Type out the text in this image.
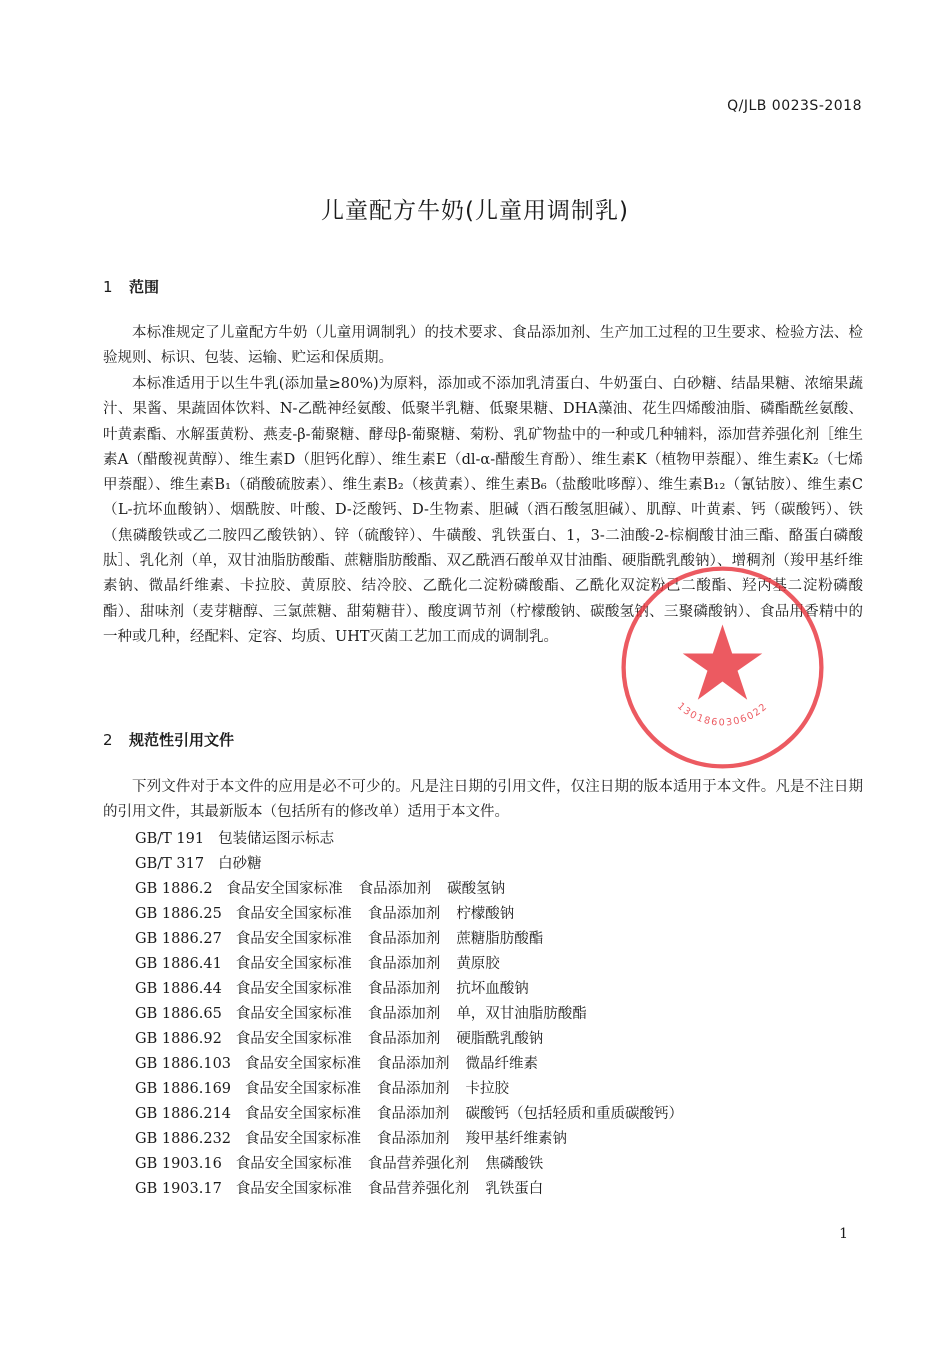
Q/JLB 0023S-2018
儿童配方牛奶(儿童用调制乳)
1 范围

本标准规定了儿童配方牛奶（儿童用调制乳）的技术要求、食品添加剂、生产加工过程的卫生要求、检验方法、检验规则、标识、包装、运输、贮运和保质期。

本标准适用于以生牛乳(添加量≥80%)为原料，添加或不添加乳清蛋白、牛奶蛋白、白砂糖、结晶果糖、浓缩果蔬汁、果酱、果蔬固体饮料、N-乙酰神经氨酸、低聚半乳糖、低聚果糖、DHA藻油、花生四烯酸油脂、磷酯酰丝氨酸、叶黄素酯、水解蛋黄粉、燕麦-β-葡聚糖、酵母β-葡聚糖、菊粉、乳矿物盐中的一种或几种辅料，添加营养强化剂［维生素A（醋酸视黄醇）、维生素D（胆钙化醇）、维生素E（dl-α-醋酸生育酚）、维生素K（植物甲萘醌）、维生素K₂（七烯甲萘醌）、维生素B₁（硝酸硫胺素）、维生素B₂（核黄素）、维生素B₆（盐酸吡哆醇）、维生素B₁₂（氰钴胺）、维生素C（L-抗坏血酸钠）、烟酰胺、叶酸、D-泛酸钙、D-生物素、胆碱（酒石酸氢胆碱）、肌醇、叶黄素、钙（碳酸钙）、铁（焦磷酸铁或乙二胺四乙酸铁钠）、锌（硫酸锌）、牛磺酸、乳铁蛋白、1，3-二油酸-2-棕榈酸甘油三酯、酪蛋白磷酸肽］、乳化剂（单，双甘油脂肪酸酯、蔗糖脂肪酸酯、双乙酰酒石酸单双甘油酯、硬脂酰乳酸钠）、增稠剂（羧甲基纤维素钠、微晶纤维素、卡拉胶、黄原胶、结冷胶、乙酰化二淀粉磷酸酯、乙酰化双淀粉己二酸酯、羟丙基二淀粉磷酸酯）、甜味剂（麦芽糖醇、三氯蔗糖、甜菊糖苷）、酸度调节剂（柠檬酸钠、碳酸氢钠、三聚磷酸钠）、食品用香精中的一种或几种，经配料、定容、均质、UHT灭菌工艺加工而成的调制乳。

2 规范性引用文件

下列文件对于本文件的应用是必不可少的。凡是注日期的引用文件，仅注日期的版本适用于本文件。凡是不注日期的引用文件，其最新版本（包括所有的修改单）适用于本文件。

GB/T 191 包装储运图示标志
GB/T 317 白砂糖
GB 1886.2 食品安全国家标准 食品添加剂 碳酸氢钠
GB 1886.25 食品安全国家标准 食品添加剂 柠檬酸钠
GB 1886.27 食品安全国家标准 食品添加剂 蔗糖脂肪酸酯
GB 1886.41 食品安全国家标准 食品添加剂 黄原胶
GB 1886.44 食品安全国家标准 食品添加剂 抗坏血酸钠
GB 1886.65 食品安全国家标准 食品添加剂 单，双甘油脂肪酸酯
GB 1886.92 食品安全国家标准 食品添加剂 硬脂酰乳酸钠
GB 1886.103 食品安全国家标准 食品添加剂 微晶纤维素
GB 1886.169 食品安全国家标准 食品添加剂 卡拉胶
GB 1886.214 食品安全国家标准 食品添加剂 碳酸钙（包括轻质和重质碳酸钙）
GB 1886.232 食品安全国家标准 食品添加剂 羧甲基纤维素钠
GB 1903.16 食品安全国家标准 食品营养强化剂 焦磷酸铁
GB 1903.17 食品安全国家标准 食品营养强化剂 乳铁蛋白
1
1301860306022
